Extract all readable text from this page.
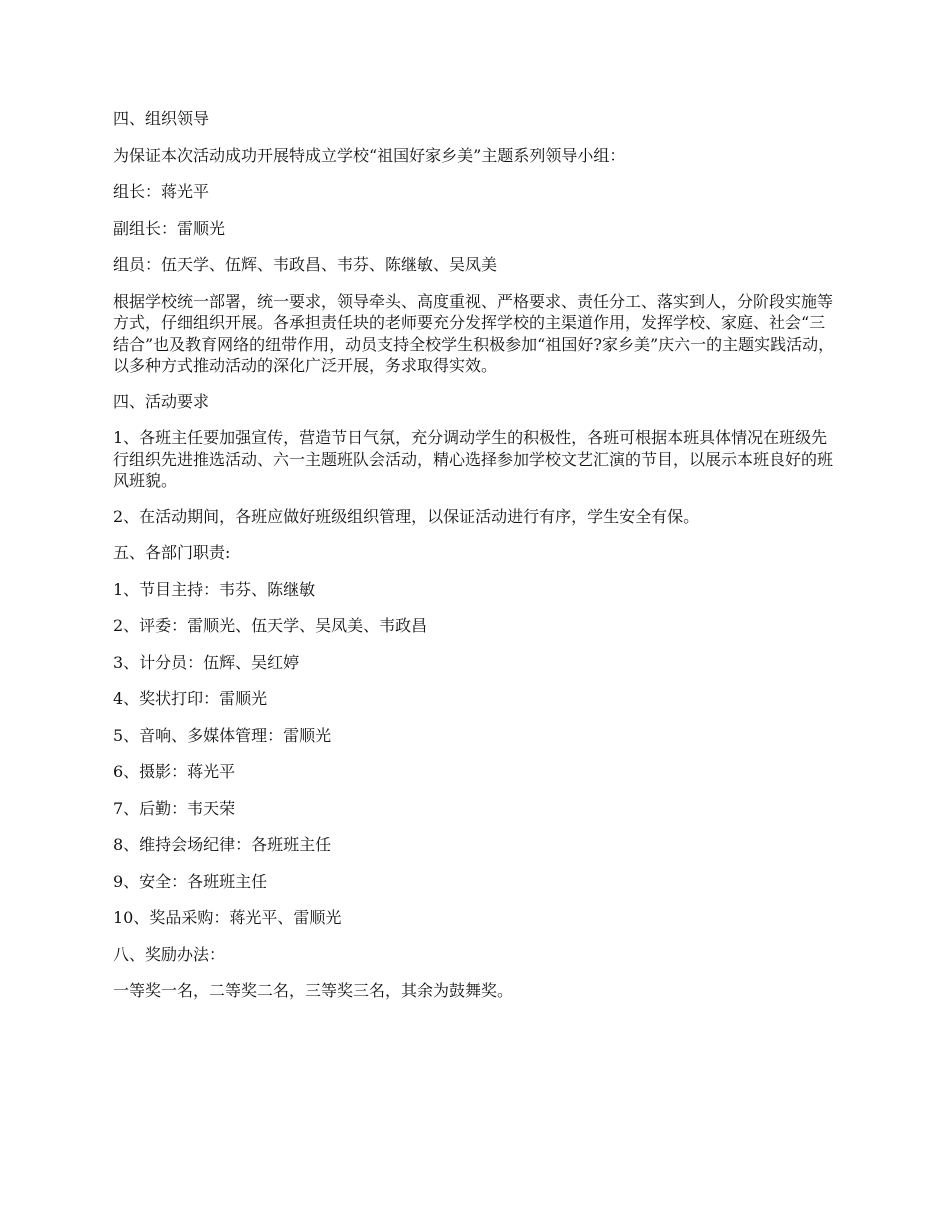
四、组织领导

为保证本次活动成功开展特成立学校“祖国好家乡美”主题系列领导小组：

组长：蒋光平

副组长：雷顺光

组员：伍天学、伍辉、韦政昌、韦芬、陈继敏、吴凤美

根据学校统一部署，统一要求，领导牵头、高度重视、严格要求、责任分工、落实到人，分阶段实施等方式，仔细组织开展。各承担责任块的老师要充分发挥学校的主渠道作用，发挥学校、家庭、社会“三结合”也及教育网络的纽带作用，动员支持全校学生积极参加“祖国好?家乡美”庆六一的主题实践活动，以多种方式推动活动的深化广泛开展，务求取得实效。

四、活动要求

1、各班主任要加强宣传，营造节日气氛，充分调动学生的积极性，各班可根据本班具体情况在班级先行组织先进推选活动、六一主题班队会活动，精心选择参加学校文艺汇演的节目，以展示本班良好的班风班貌。

2、在活动期间，各班应做好班级组织管理，以保证活动进行有序，学生安全有保。

五、各部门职责:

1、节目主持：韦芬、陈继敏

2、评委：雷顺光、伍天学、吴凤美、韦政昌

3、计分员：伍辉、吴红婷

4、奖状打印：雷顺光

5、音响、多媒体管理：雷顺光

6、摄影：蒋光平

7、后勤：韦天荣

8、维持会场纪律：各班班主任

9、安全：各班班主任

10、奖品采购：蒋光平、雷顺光

八、奖励办法：

一等奖一名，二等奖二名，三等奖三名，其余为鼓舞奖。
